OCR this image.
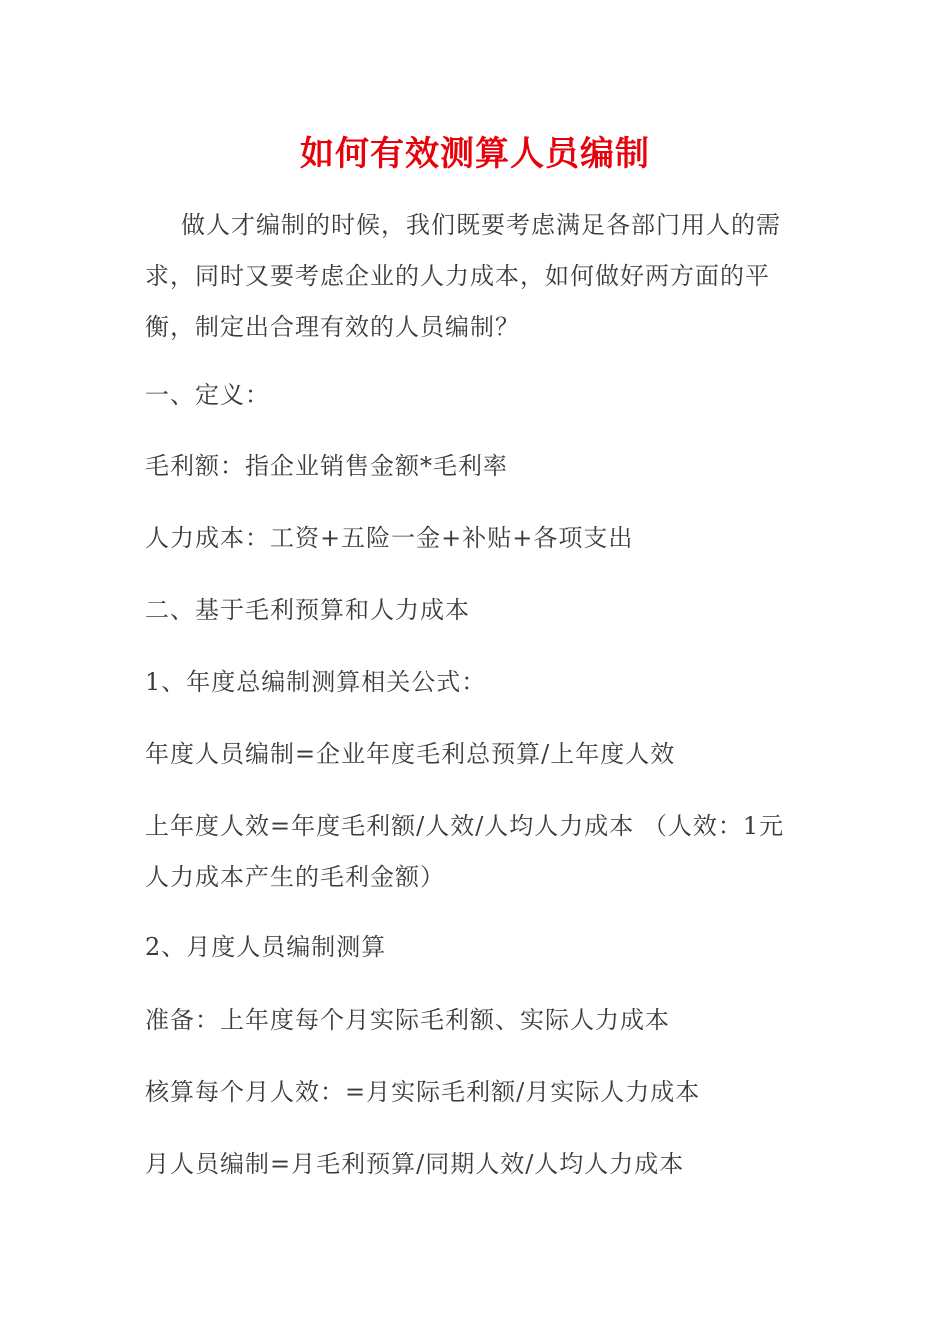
如何有效测算人员编制
做人才编制的时候，我们既要考虑满足各部门用人的需求，同时又要考虑企业的人力成本，如何做好两方面的平衡，制定出合理有效的人员编制？
一、定义：
毛利额：指企业销售金额*毛利率
人力成本：工资+五险一金+补贴+各项支出
二、基于毛利预算和人力成本
1、年度总编制测算相关公式：
年度人员编制=企业年度毛利总预算/上年度人效
上年度人效=年度毛利额/人效/人均人力成本 （人效：1元
人力成本产生的毛利金额）
2、月度人员编制测算
准备：上年度每个月实际毛利额、实际人力成本
核算每个月人效：=月实际毛利额/月实际人力成本
月人员编制=月毛利预算/同期人效/人均人力成本
